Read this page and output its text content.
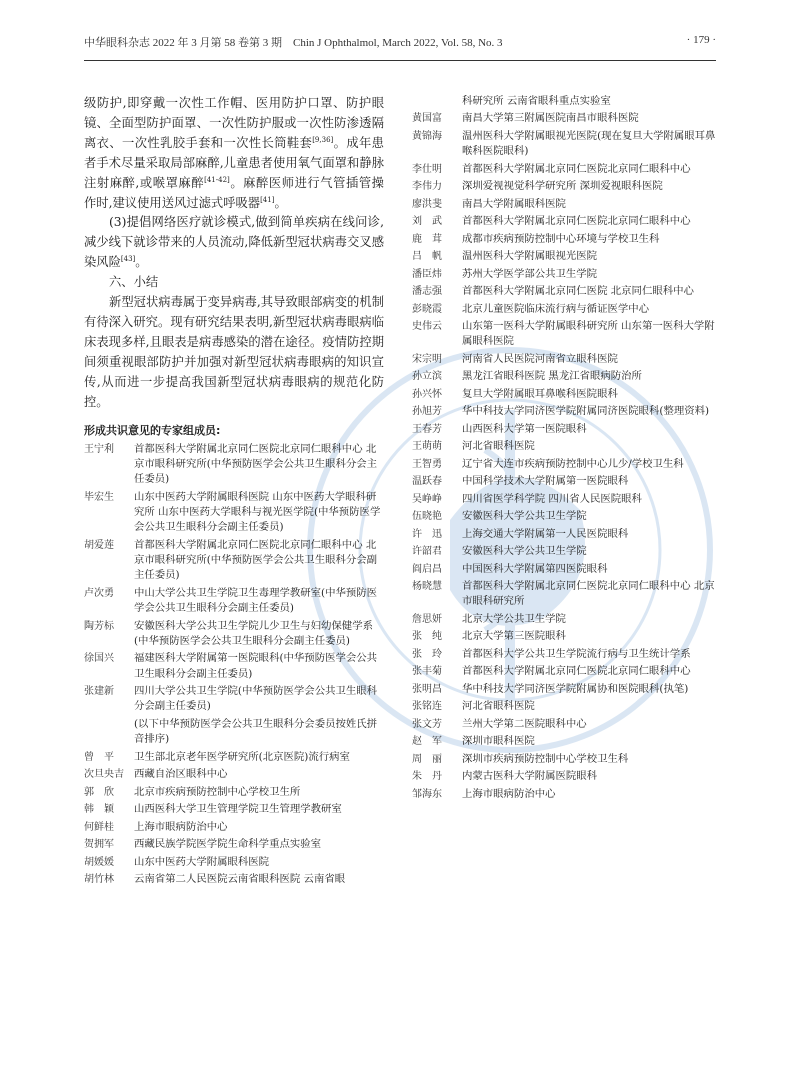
中华眼科杂志 2022 年 3 月第 58 卷第 3 期　Chin J Ophthalmol, March 2022, Vol. 58, No. 3	· 179 ·

级防护,即穿戴一次性工作帽、医用防护口罩、防护眼镜、全面型防护面罩、一次性防护服或一次性防渗透隔离衣、一次性乳胶手套和一次性长筒鞋套[9,36]。成年患者手术尽量采取局部麻醉,儿童患者使用氧气面罩和静脉注射麻醉,或喉罩麻醉[41-42]。麻醉医师进行气管插管操作时,建议使用送风过滤式呼吸器[41]。

(3)提倡网络医疗就诊模式,做到简单疾病在线问诊,减少线下就诊带来的人员流动,降低新型冠状病毒交叉感染风险[43]。

六、小结

新型冠状病毒属于变异病毒,其导致眼部病变的机制有待深入研究。现有研究结果表明,新型冠状病毒眼病临床表现多样,且眼表是病毒感染的潜在途径。疫情防控期间须重视眼部防护并加强对新型冠状病毒眼病的知识宣传,从而进一步提高我国新型冠状病毒眼病的规范化防控。

形成共识意见的专家组成员:
王宁利	首都医科大学附属北京同仁医院北京同仁眼科中心 北京市眼科研究所(中华预防医学会公共卫生眼科分会主任委员)
毕宏生	山东中医药大学附属眼科医院 山东中医药大学眼科研究所 山东中医药大学眼科与视光医学院(中华预防医学会公共卫生眼科分会副主任委员)
胡爱莲	首都医科大学附属北京同仁医院北京同仁眼科中心 北京市眼科研究所(中华预防医学会公共卫生眼科分会副主任委员)
卢次勇	中山大学公共卫生学院卫生毒理学教研室(中华预防医学会公共卫生眼科分会副主任委员)
陶芳标	安徽医科大学公共卫生学院儿少卫生与妇幼保健学系(中华预防医学会公共卫生眼科分会副主任委员)
徐国兴	福建医科大学附属第一医院眼科(中华预防医学会公共卫生眼科分会副主任委员)
张建新	四川大学公共卫生学院(中华预防医学会公共卫生眼科分会副主任委员)
(以下中华预防医学会公共卫生眼科分会委员按姓氏拼音排序)
曾　平	卫生部北京老年医学研究所(北京医院)流行病室
次旦央吉 西藏自治区眼科中心
郭　欣	北京市疾病预防控制中心学校卫生所
韩　颖	山西医科大学卫生管理学院卫生管理学教研室
何鲜桂	上海市眼病防治中心
贺拥军	西藏民族学院医学院生命科学重点实验室
胡媛媛	山东中医药大学附属眼科医院
胡竹林	云南省第二人民医院云南省眼科医院 云南省眼
科研究所 云南省眼科重点实验室
黄国富	南昌大学第三附属医院南昌市眼科医院
黄锦海	温州医科大学附属眼视光医院(现在复旦大学附属眼耳鼻喉科医院眼科)
李仕明	首都医科大学附属北京同仁医院北京同仁眼科中心
李伟力	深圳爱视视觉科学研究所 深圳爱视眼科医院
廖洪斐	南昌大学附属眼科医院
刘　武	首都医科大学附属北京同仁医院北京同仁眼科中心
鹿　茸	成都市疾病预防控制中心环境与学校卫生科
吕　帆	温州医科大学附属眼视光医院
潘臣炜	苏州大学医学部公共卫生学院
潘志强	首都医科大学附属北京同仁医院 北京同仁眼科中心
彭晓霞	北京儿童医院临床流行病与循证医学中心
史伟云	山东第一医科大学附属眼科研究所 山东第一医科大学附属眼科医院
宋宗明	河南省人民医院河南省立眼科医院
孙立滨	黑龙江省眼科医院 黑龙江省眼病防治所
孙兴怀	复旦大学附属眼耳鼻喉科医院眼科
孙旭芳	华中科技大学同济医学院附属同济医院眼科(整理资料)
王春芳	山西医科大学第一医院眼科
王萌萌	河北省眼科医院
王智勇	辽宁省大连市疾病预防控制中心儿少/学校卫生科
温跃春	中国科学技术大学附属第一医院眼科
吴峥峥	四川省医学科学院 四川省人民医院眼科
伍晓艳	安徽医科大学公共卫生学院
许　迅	上海交通大学附属第一人民医院眼科
许韶君	安徽医科大学公共卫生学院
阎启昌	中国医科大学附属第四医院眼科
杨晓慧	首都医科大学附属北京同仁医院北京同仁眼科中心 北京市眼科研究所
詹思妍	北京大学公共卫生学院
张　纯	北京大学第三医院眼科
张　玲	首都医科大学公共卫生学院流行病与卫生统计学系
张丰菊	首都医科大学附属北京同仁医院北京同仁眼科中心
张明昌	华中科技大学同济医学院附属协和医院眼科(执笔)
张铭连	河北省眼科医院
张文芳	兰州大学第二医院眼科中心
赵　军	深圳市眼科医院
周　丽	深圳市疾病预防控制中心学校卫生科
朱　丹	内蒙古医科大学附属医院眼科
邹海东	上海市眼病防治中心
